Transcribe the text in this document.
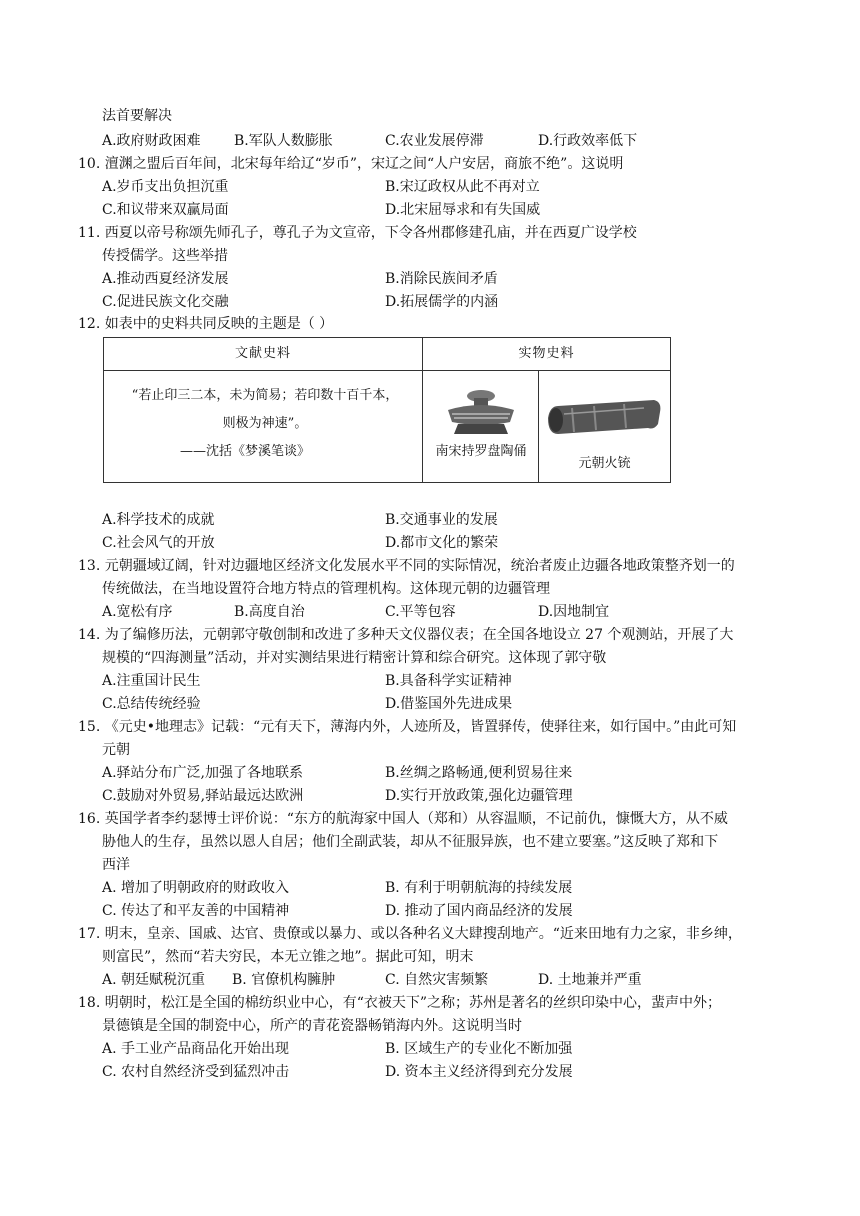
法首要解决
A.政府财政困难 B.军队人数膨胀	C.农业发展停滞	D.行政效率低下
10. 澶渊之盟后百年间，北宋每年给辽“岁币”，宋辽之间“人户安居，商旅不绝”。这说明
A.岁币支出负担沉重	B.宋辽政权从此不再对立
C.和议带来双赢局面	D.北宋屈辱求和有失国威
11. 西夏以帝号称颂先师孔子，尊孔子为文宣帝，下令各州郡修建孔庙，并在西夏广设学校
传授儒学。这些举措
A.推动西夏经济发展	B.消除民族间矛盾
C.促进民族文化交融	D.拓展儒学的内涵
12. 如表中的史料共同反映的主题是（ ）
文献史料	实物史料
“若止印三二本，未为简易；若印数十百千本，
则极为神速”。
——沈括《梦溪笔谈》	南宋持罗盘陶俑
元朝火铳
A.科学技术的成就	B.交通事业的发展
C.社会风气的开放	D.都市文化的繁荣
13. 元朝疆域辽阔，针对边疆地区经济文化发展水平不同的实际情况，统治者废止边疆各地政策整齐划一的
传统做法，在当地设置符合地方特点的管理机构。这体现元朝的边疆管理
A.宽松有序	B.高度自治	C.平等包容	D.因地制宜
14. 为了编修历法，元朝郭守敬创制和改进了多种天文仪器仪表；在全国各地设立 27 个观测站，开展了大
规模的“四海测量”活动，并对实测结果进行精密计算和综合研究。这体现了郭守敬
A.注重国计民生	B.具备科学实证精神
C.总结传统经验	D.借鉴国外先进成果
15. 《元史•地理志》记载：“元有天下，薄海内外，人迹所及，皆置驿传，使驿往来，如行国中。”由此可知
元朝
A.驿站分布广泛,加强了各地联系	B.丝绸之路畅通,便利贸易往来
C.鼓励对外贸易,驿站最远达欧洲	D.实行开放政策,强化边疆管理
16. 英国学者李约瑟博士评价说：“东方的航海家中国人（郑和）从容温顺，不记前仇，慷慨大方，从不威
胁他人的生存，虽然以恩人自居；他们全副武装，却从不征服异族，也不建立要塞。”这反映了郑和下
西洋
A. 增加了明朝政府的财政收入	B. 有利于明朝航海的持续发展
C. 传达了和平友善的中国精神	D. 推动了国内商品经济的发展
17. 明末，皇亲、国戚、达官、贵僚或以暴力、或以各种名义大肆搜刮地产。“近来田地有力之家，非乡绅，
则富民”，然而“若夫穷民，本无立锥之地”。据此可知，明末
A. 朝廷赋税沉重 B. 官僚机构臃肿	C. 自然灾害频繁	D. 土地兼并严重
18. 明朝时，松江是全国的棉纺织业中心，有“衣被天下”之称；苏州是著名的丝织印染中心，蜚声中外；
景德镇是全国的制瓷中心，所产的青花瓷器畅销海内外。这说明当时
A. 手工业产品商品化开始出现	B. 区域生产的专业化不断加强
C. 农村自然经济受到猛烈冲击	D. 资本主义经济得到充分发展
